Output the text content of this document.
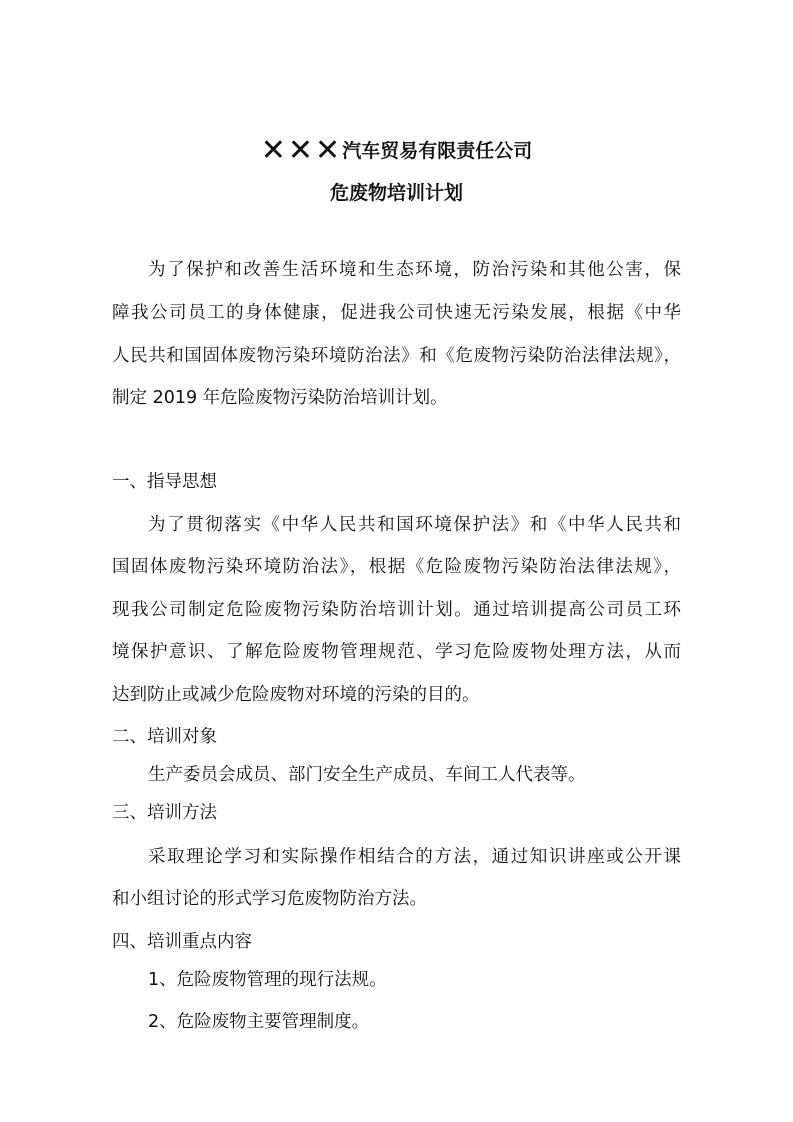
✕✕✕汽车贸易有限责任公司
危废物培训计划
为了保护和改善生活环境和生态环境，防治污染和其他公害，保
障我公司员工的身体健康，促进我公司快速无污染发展，根据《中华
人民共和国固体废物污染环境防治法》和《危废物污染防治法律法规》，
制定 2019 年危险废物污染防治培训计划。
一、指导思想
为了贯彻落实《中华人民共和国环境保护法》和《中华人民共和
国固体废物污染环境防治法》，根据《危险废物污染防治法律法规》，
现我公司制定危险废物污染防治培训计划。通过培训提高公司员工环
境保护意识、了解危险废物管理规范、学习危险废物处理方法，从而
达到防止或减少危险废物对环境的污染的目的。
二、培训对象
生产委员会成员、部门安全生产成员、车间工人代表等。
三、培训方法
采取理论学习和实际操作相结合的方法，通过知识讲座或公开课
和小组讨论的形式学习危废物防治方法。
四、培训重点内容
1、危险废物管理的现行法规。
2、危险废物主要管理制度。
